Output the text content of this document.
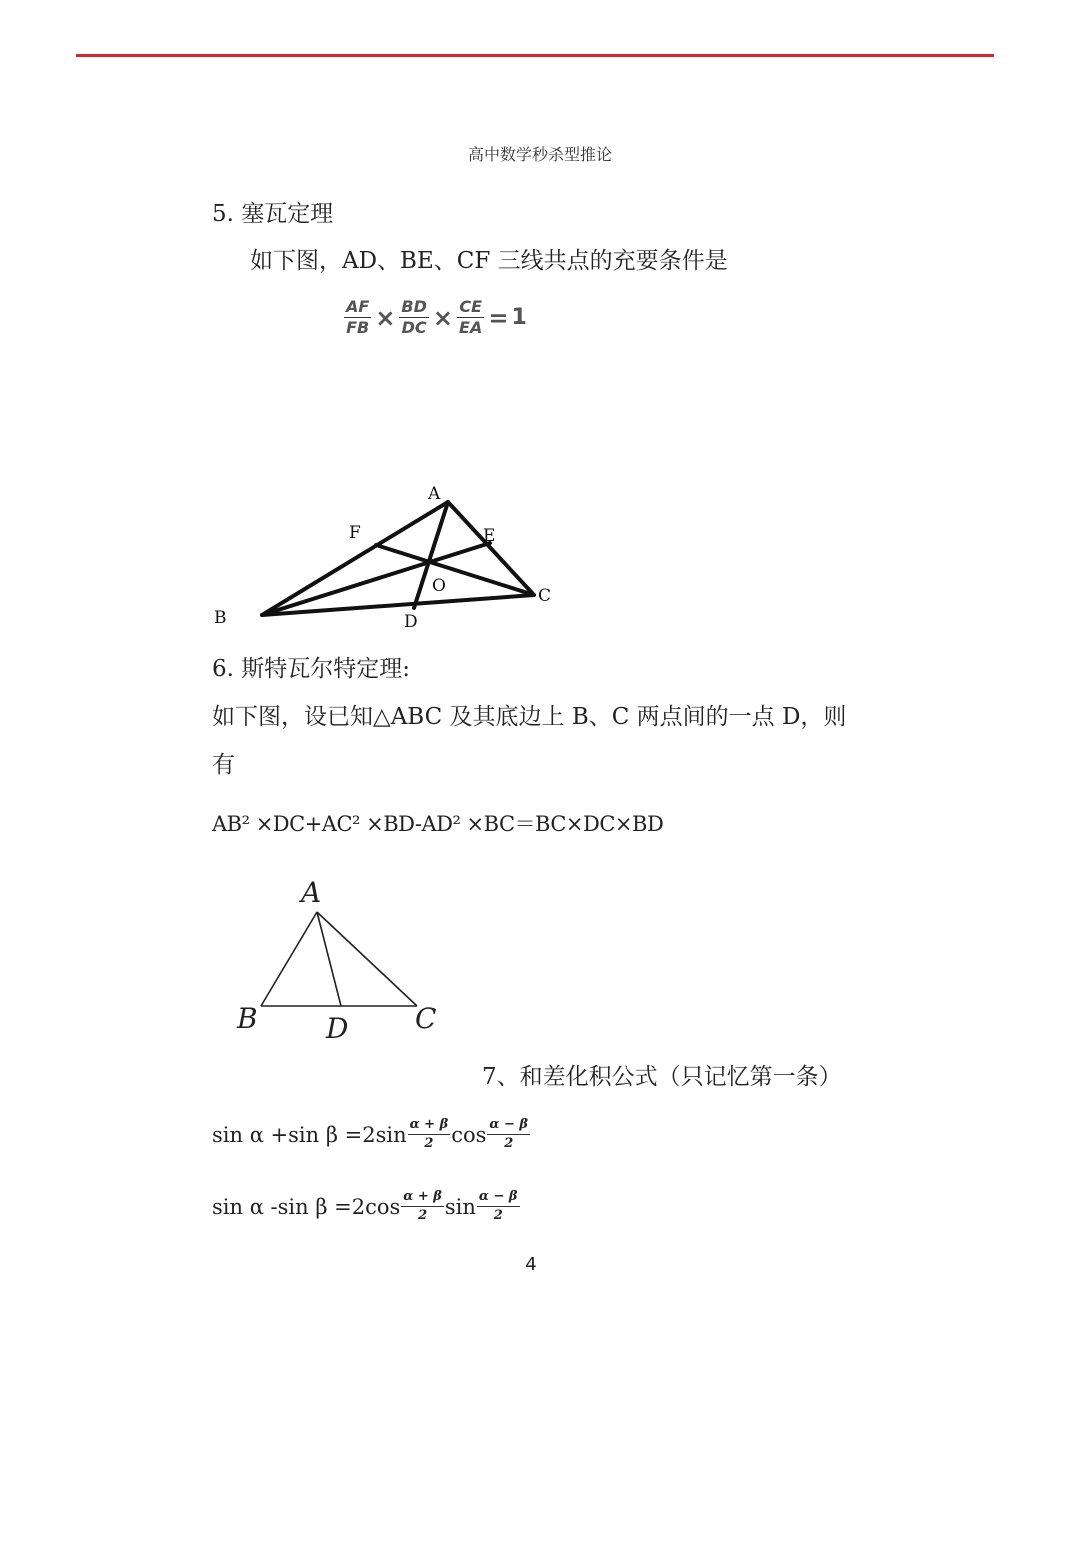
高中数学秒杀型推论
5. 塞瓦定理
如下图，AD、BE、CF 三线共点的充要条件是
$\frac{AF}{FB} \times \frac{BD}{DC} \times \frac{CE}{EA} = 1$
A
B
C
D
E
F
O
6. 斯特瓦尔特定理:
如下图，设已知△ABC 及其底边上 B、C 两点间的一点 D，则
有
AB² ×DC+AC² ×BD-AD² ×BC＝BC×DC×BD
A
B	C
D
7、和差化积公式（只记忆第一条）
sin α +sin $\beta =2\sin \frac{\alpha + \beta}{2}$ $\cos \frac{\alpha - \beta}{2}$
sin α -sin $\beta =2\cos \frac{\alpha + \beta}{2}$ $\sin \frac{\alpha - \beta}{2}$
4
